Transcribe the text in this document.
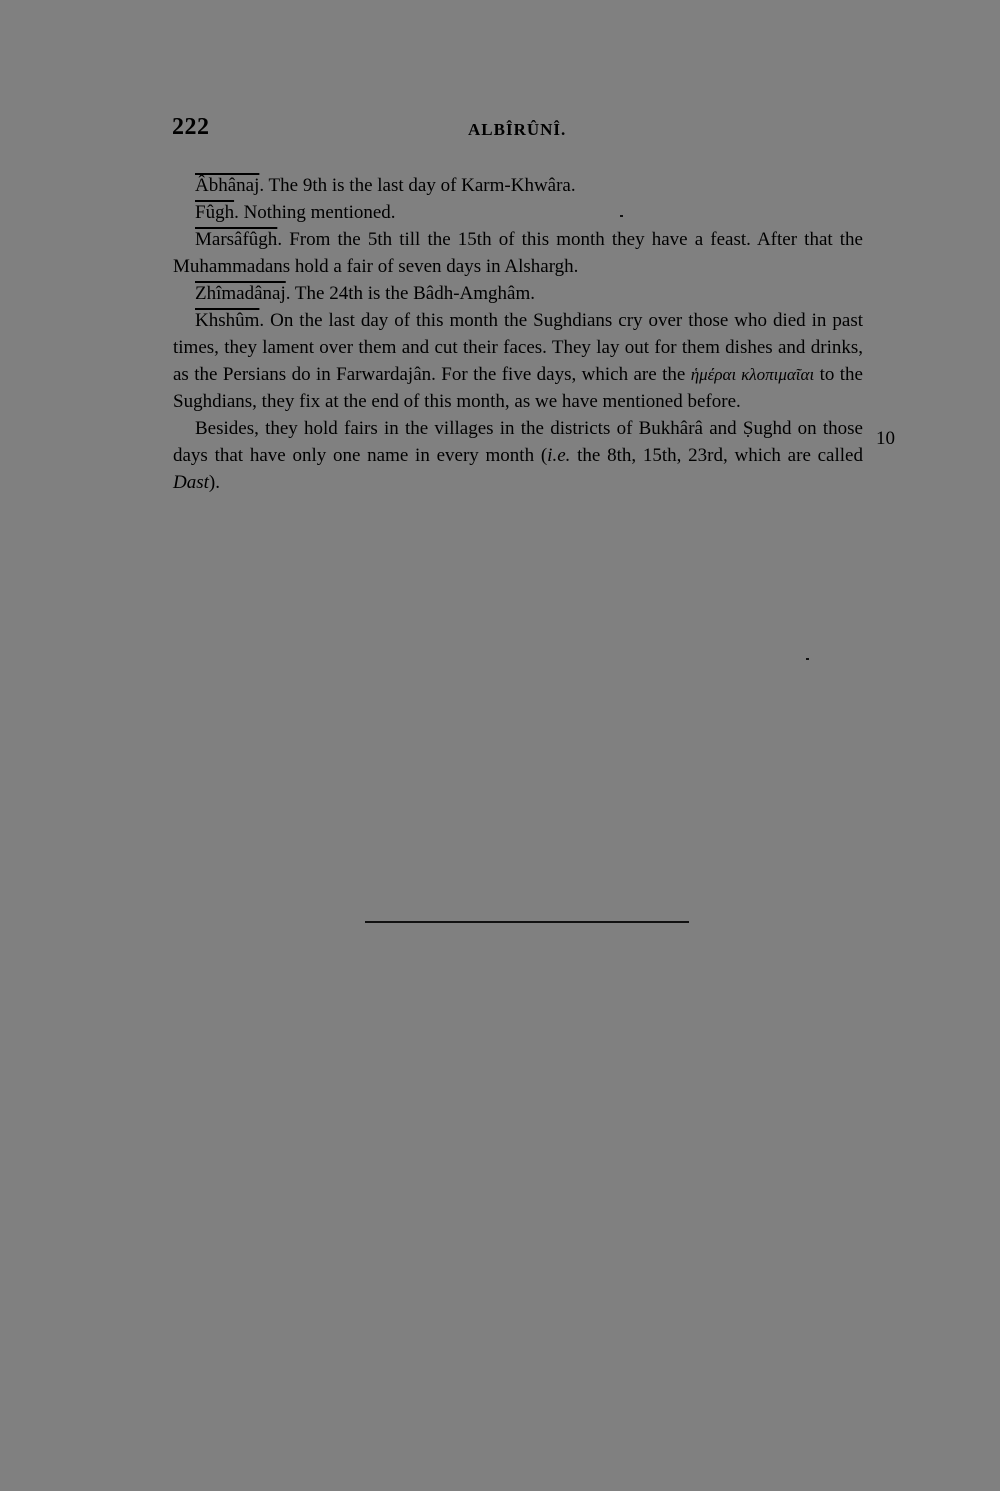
222	ALBÎRÛNÎ.

Âbhânaj. The 9th is the last day of Karm-Khwâra.

Fûgh. Nothing mentioned.

Marsâfûgh. From the 5th till the 15th of this month they have a feast. After that the Muhammadans hold a fair of seven days in Alshargh.

Zhîmadânaj. The 24th is the Bâdh-Amghâm.

Khshûm. On the last day of this month the Sughdians cry over those who died in past times, they lament over them and cut their faces. They lay out for them dishes and drinks, as the Persians do in Farwardajân. For the five days, which are the ἡμέραι κλοπιμαῖαι to the Sughdians, they fix at the end of this month, as we have mentioned before.

Besides, they hold fairs in the villages in the districts of Bukhârâ and Ṣughd on those days that have only one name in every month (i.e. the 8th, 15th, 23rd, which are called Dast).

10
